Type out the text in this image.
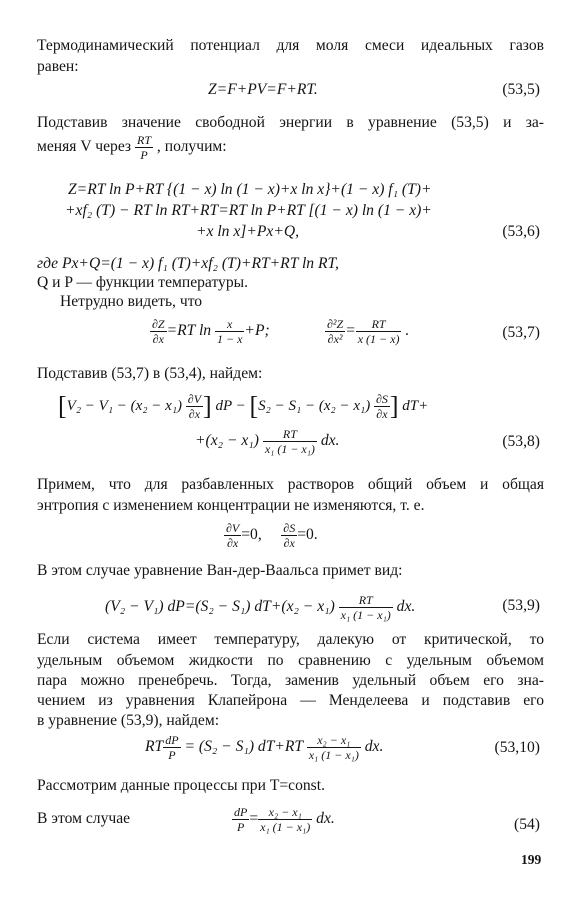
Термодинамический потенциал для моля смеси идеальных газов
равен:
Z=F+PV=F+RT.	(53,5)
Подставив значение свободной энергии в уравнение (53,5) и за-
меняя V через $\frac{RT}{P}$ , получим:
Z=RT ln P+RT {(1 − x) ln (1 − x)+x ln x}+(1 − x) f₁ (T)+
+xf₂ (T) − RT ln RT+RT=RT ln P+RT [(1 − x) ln (1 − x)+
+x ln x]+Px+Q,	(53,6)
где Px+Q=(1 − x) f₁ (T)+xf₂ (T)+RT+RT ln RT,
Q и P — функции температуры.
Нетрудно видеть, что
$\frac{\partial Z}{\partial x} =RT$ $\ln \frac{x}{1 - x} +P$;	$\frac{\text{∂²Z}}{\text{∂x²}} = \frac{RT}{x (1 - x)}$ .	(53,7)
Подставив (53,7) в (53,4), найдем:
[$V_2 - V_1 - (x_2 - x_1) \frac{\partial V}{\partial x}$ ] dP − [$S_2 - S_1 - (x_2 - x_1) \frac{\partial S}{\partial x}$ ] dT+
$+(x_2 - x_1) \frac{RT}{\text{x₁ (1 − x₁)}}$ dx.	(53,8)
Примем, что для разбавленных растворов общий объем и общая
энтропия с изменением концентрации не изменяются, т. е.
$\frac{\partial V}{\partial x} =0$, $\frac{\partial S}{\partial x} =0$.
В этом случае уравнение Ван-дер-Ваальса примет вид:
(V₂ − V₁) dP=(S₂ − S₁) $dT+(x_2 - x_1) \frac{RT}{\text{x₁ (1 − x₁)}}$ dx.	(53,9)
Если система имеет температуру, далекую от критической, то
удельным объемом жидкости по сравнению с удельным объемом
пара можно пренебречь. Тогда, заменив удельный объем его зна-
чением из уравнения Клапейрона — Менделеева и подставив его
в уравнение (53,9), найдем:
RT $\frac{dP}{P} = (S_2 - S_1)$ $dT+RT \frac{\text{x₂ − x₁}}{\text{x₁ (1 − x₁)}}$ dx.	(53,10)
Рассмотрим данные процессы при T=const.
В этом случае	$\frac{dP}{P} = \frac{\text{x₂ − x₁}}{\text{x₁ (1 − x₁)}}$ dx.	(54)
199
